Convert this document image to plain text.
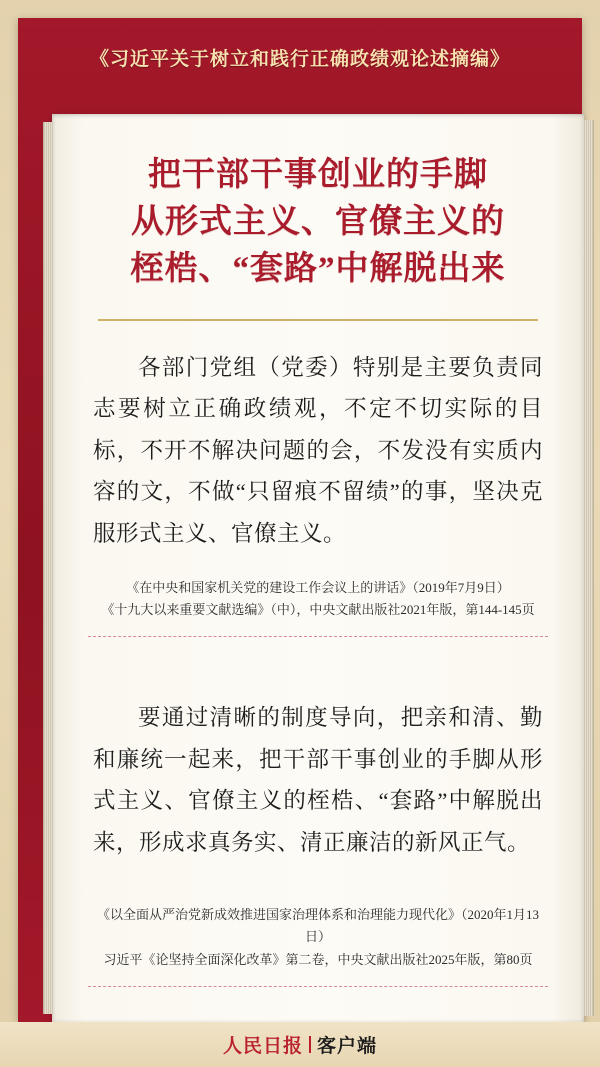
《习近平关于树立和践行正确政绩观论述摘编》
把干部干事创业的手脚
从形式主义、官僚主义的
桎梏、“套路”中解脱出来
各部门党组（党委）特别是主要负责同志要树立正确政绩观，不定不切实际的目标，不开不解决问题的会，不发没有实质内容的文，不做“只留痕不留绩”的事，坚决克服形式主义、官僚主义。
《在中央和国家机关党的建设工作会议上的讲话》（2019年7月9日）
《十九大以来重要文献选编》（中），中央文献出版社2021年版，第144-145页
要通过清晰的制度导向，把亲和清、勤和廉统一起来，把干部干事创业的手脚从形式主义、官僚主义的桎梏、“套路”中解脱出来，形成求真务实、清正廉洁的新风正气。
《以全面从严治党新成效推进国家治理体系和治理能力现代化》（2020年1月13日）
习近平《论坚持全面深化改革》第二卷，中央文献出版社2025年版，第80页
人民日报 客户端
